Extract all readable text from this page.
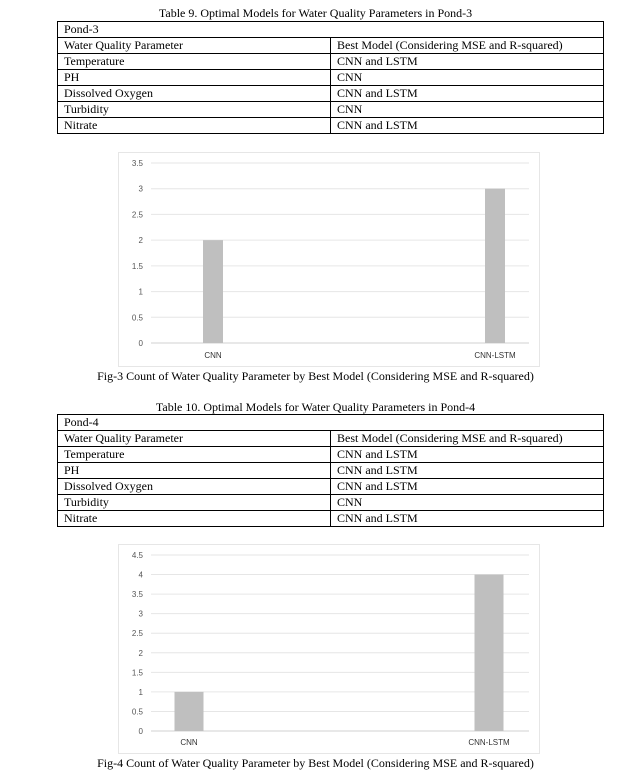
Table 9. Optimal Models for Water Quality Parameters in Pond-3
Pond-3	
Water Quality Parameter	Best Model (Considering MSE and R-squared)
Temperature	CNN and LSTM
PH	CNN
Dissolved Oxygen	CNN and LSTM
Turbidity	CNN
Nitrate	CNN and LSTM
0
0.5
1
1.5
2
2.5
3
3.5
CNN	CNN-LSTM
Fig-3 Count of Water Quality Parameter by Best Model (Considering MSE and R-squared)
Table 10. Optimal Models for Water Quality Parameters in Pond-4
Pond-4	
Water Quality Parameter	Best Model (Considering MSE and R-squared)
Temperature	CNN and LSTM
PH	CNN and LSTM
Dissolved Oxygen	CNN and LSTM
Turbidity	CNN
Nitrate	CNN and LSTM
0
0.5
1
1.5
2
2.5
3
3.5
4
4.5
CNN	CNN-LSTM
Fig-4 Count of Water Quality Parameter by Best Model (Considering MSE and R-squared)
